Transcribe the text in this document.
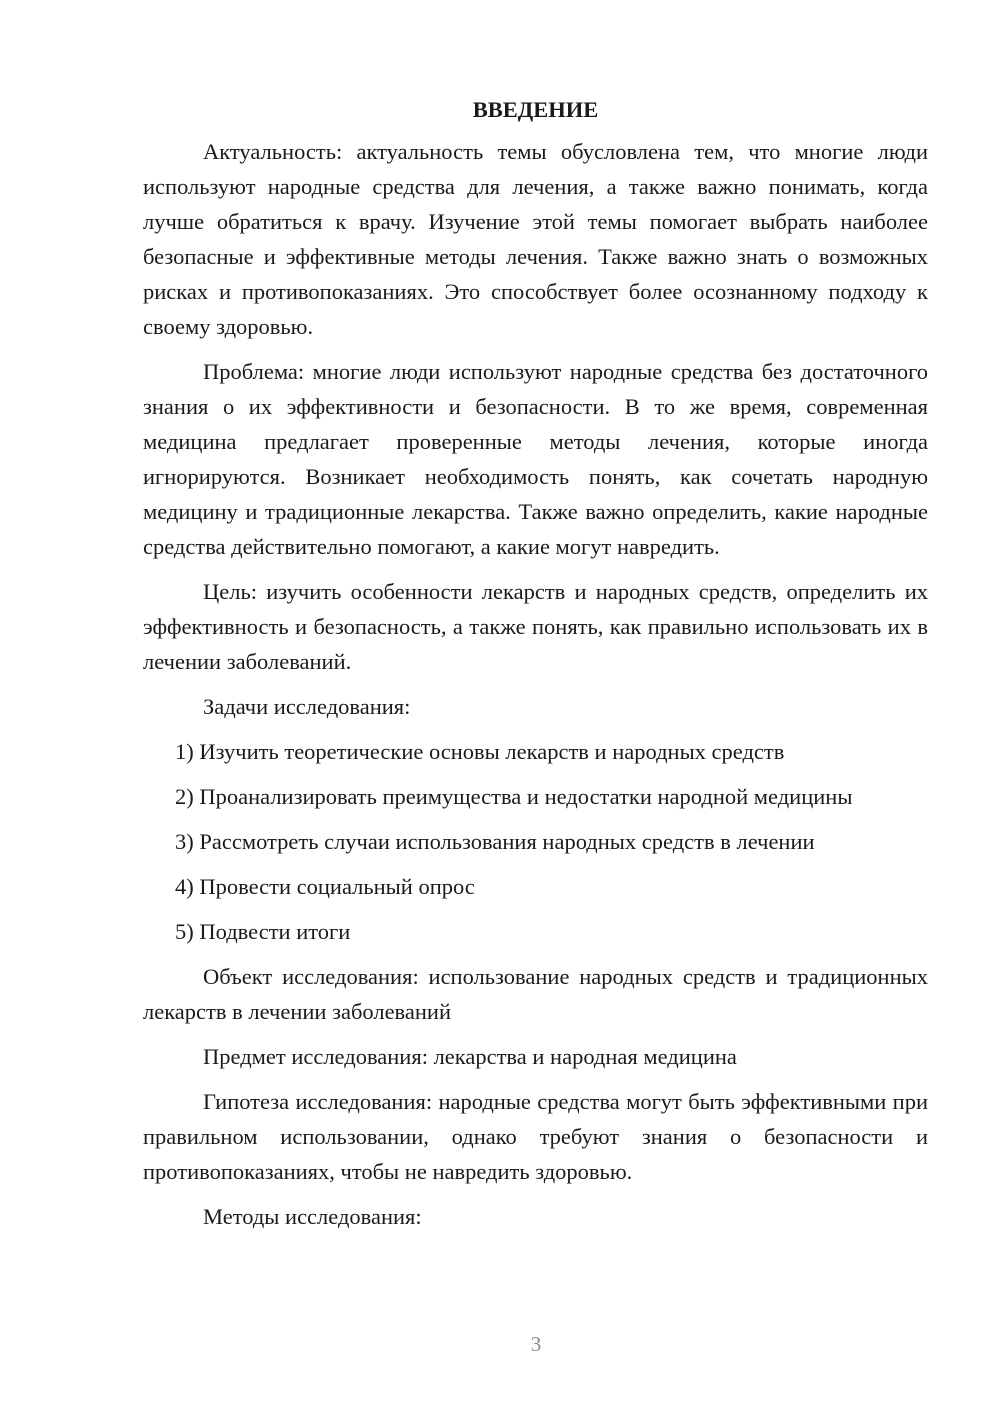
ВВЕДЕНИЕ

Актуальность: актуальность темы обусловлена тем, что многие люди используют народные средства для лечения, а также важно понимать, когда лучше обратиться к врачу. Изучение этой темы помогает выбрать наиболее безопасные и эффективные методы лечения. Также важно знать о возможных рисках и противопоказаниях. Это способствует более осознанному подходу к своему здоровью.

Проблема: многие люди используют народные средства без достаточного знания о их эффективности и безопасности. В то же время, современная медицина предлагает проверенные методы лечения, которые иногда игнорируются. Возникает необходимость понять, как сочетать народную медицину и традиционные лекарства. Также важно определить, какие народные средства действительно помогают, а какие могут навредить.

Цель: изучить особенности лекарств и народных средств, определить их эффективность и безопасность, а также понять, как правильно использовать их в лечении заболеваний.

Задачи исследования:

1) Изучить теоретические основы лекарств и народных средств
2) Проанализировать преимущества и недостатки народной медицины
3) Рассмотреть случаи использования народных средств в лечении
4) Провести социальный опрос
5) Подвести итоги

Объект исследования: использование народных средств и традиционных лекарств в лечении заболеваний

Предмет исследования: лекарства и народная медицина

Гипотеза исследования: народные средства могут быть эффективными при правильном использовании, однако требуют знания о безопасности и противопоказаниях, чтобы не навредить здоровью.

Методы исследования:

3
